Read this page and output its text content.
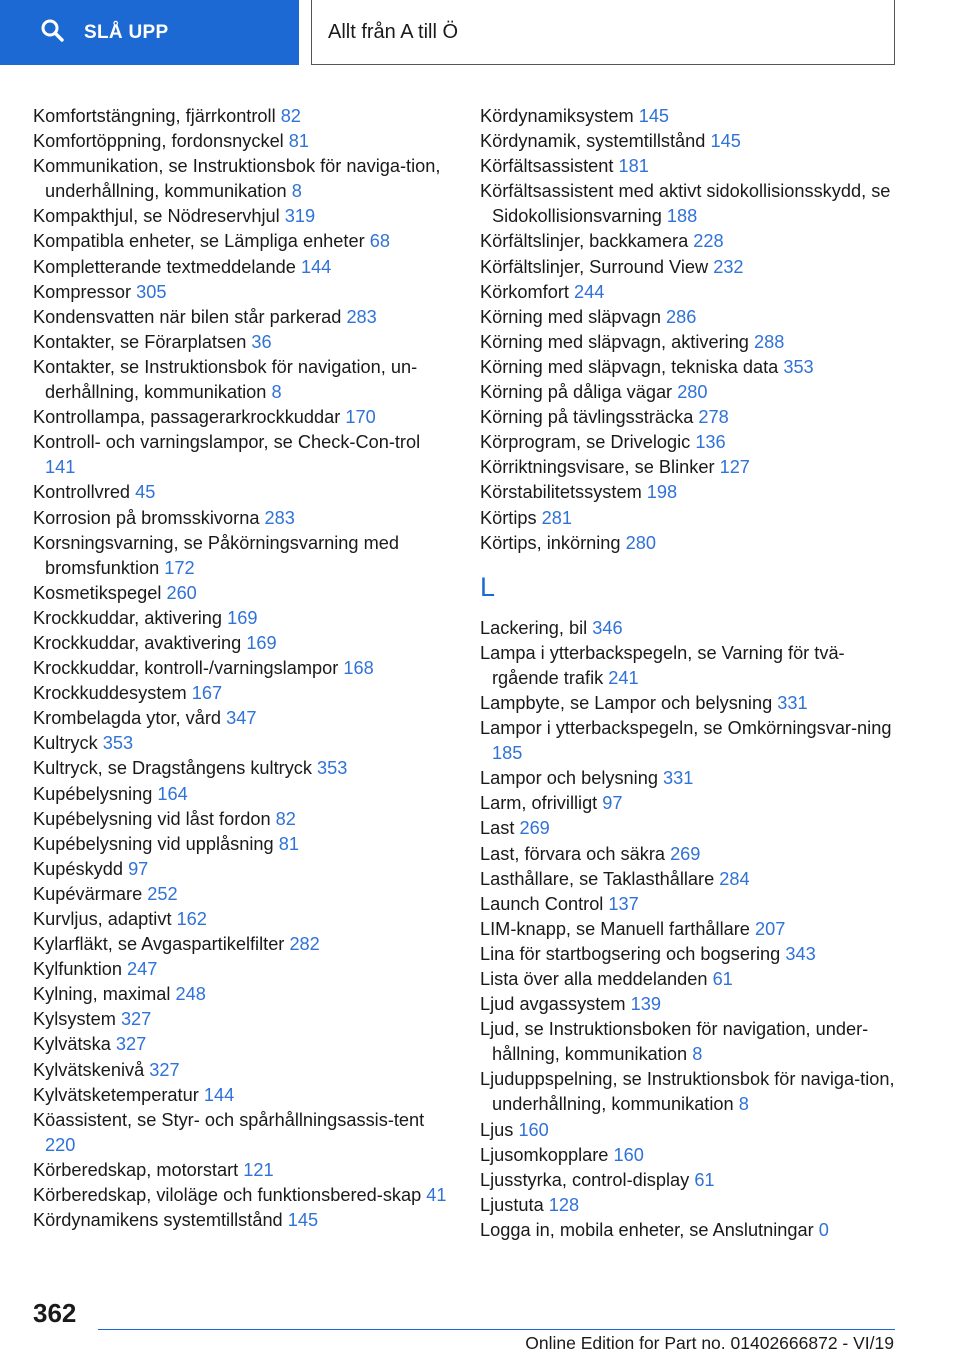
SLÅ UPP	Allt från A till Ö
Komfortstängning, fjärrkontroll 82
Komfortöppning, fordonsnyckel 81
Kommunikation, se Instruktionsbok för naviga-tion, underhållning, kommunikation 8
Kompakthjul, se Nödreservhjul 319
Kompatibla enheter, se Lämpliga enheter 68
Kompletterande textmeddelande 144
Kompressor 305
Kondensvatten när bilen står parkerad 283
Kontakter, se Förarplatsen 36
Kontakter, se Instruktionsbok för navigation, un-derhållning, kommunikation 8
Kontrollampa, passagerarkrockkuddar 170
Kontroll- och varningslampor, se Check-Con-trol 141
Kontrollvred 45
Korrosion på bromsskivorna 283
Korsningsvarning, se Påkörningsvarning med bromsfunktion 172
Kosmetikspegel 260
Krockkuddar, aktivering 169
Krockkuddar, avaktivering 169
Krockkuddar, kontroll-/varningslampor 168
Krockkuddesystem 167
Krombelagda ytor, vård 347
Kultryck 353
Kultryck, se Dragstångens kultryck 353
Kupébelysning 164
Kupébelysning vid låst fordon 82
Kupébelysning vid upplåsning 81
Kupéskydd 97
Kupévärmare 252
Kurvljus, adaptivt 162
Kylarfläkt, se Avgaspartikelfilter 282
Kylfunktion 247
Kylning, maximal 248
Kylsystem 327
Kylvätska 327
Kylvätskenivå 327
Kylvätsketemperatur 144
Köassistent, se Styr- och spårhållningsassis-tent 220
Körberedskap, motorstart 121
Körberedskap, viloläge och funktionsbered-skap 41
Kördynamikens systemtillstånd 145
Kördynamiksystem 145
Kördynamik, systemtillstånd 145
Körfältsassistent 181
Körfältsassistent med aktivt sidokollisionsskydd, se Sidokollisionsvarning 188
Körfältslinjer, backkamera 228
Körfältslinjer, Surround View 232
Körkomfort 244
Körning med släpvagn 286
Körning med släpvagn, aktivering 288
Körning med släpvagn, tekniska data 353
Körning på dåliga vägar 280
Körning på tävlingssträcka 278
Körprogram, se Drivelogic 136
Körriktningsvisare, se Blinker 127
Körstabilitetssystem 198
Körtips 281
Körtips, inkörning 280
L
Lackering, bil 346
Lampa i ytterbackspegeln, se Varning för tvä-rgående trafik 241
Lampbyte, se Lampor och belysning 331
Lampor i ytterbackspegeln, se Omkörningsvar-ning 185
Lampor och belysning 331
Larm, ofrivilligt 97
Last 269
Last, förvara och säkra 269
Lasthållare, se Taklasthållare 284
Launch Control 137
LIM-knapp, se Manuell farthållare 207
Lina för startbogsering och bogsering 343
Lista över alla meddelanden 61
Ljud avgassystem 139
Ljud, se Instruktionsboken för navigation, under-hållning, kommunikation 8
Ljuduppspelning, se Instruktionsbok för naviga-tion, underhållning, kommunikation 8
Ljus 160
Ljusomkopplare 160
Ljusstyrka, control-display 61
Ljustuta 128
Logga in, mobila enheter, se Anslutningar 0
362
Online Edition for Part no. 01402666872 - VI/19
